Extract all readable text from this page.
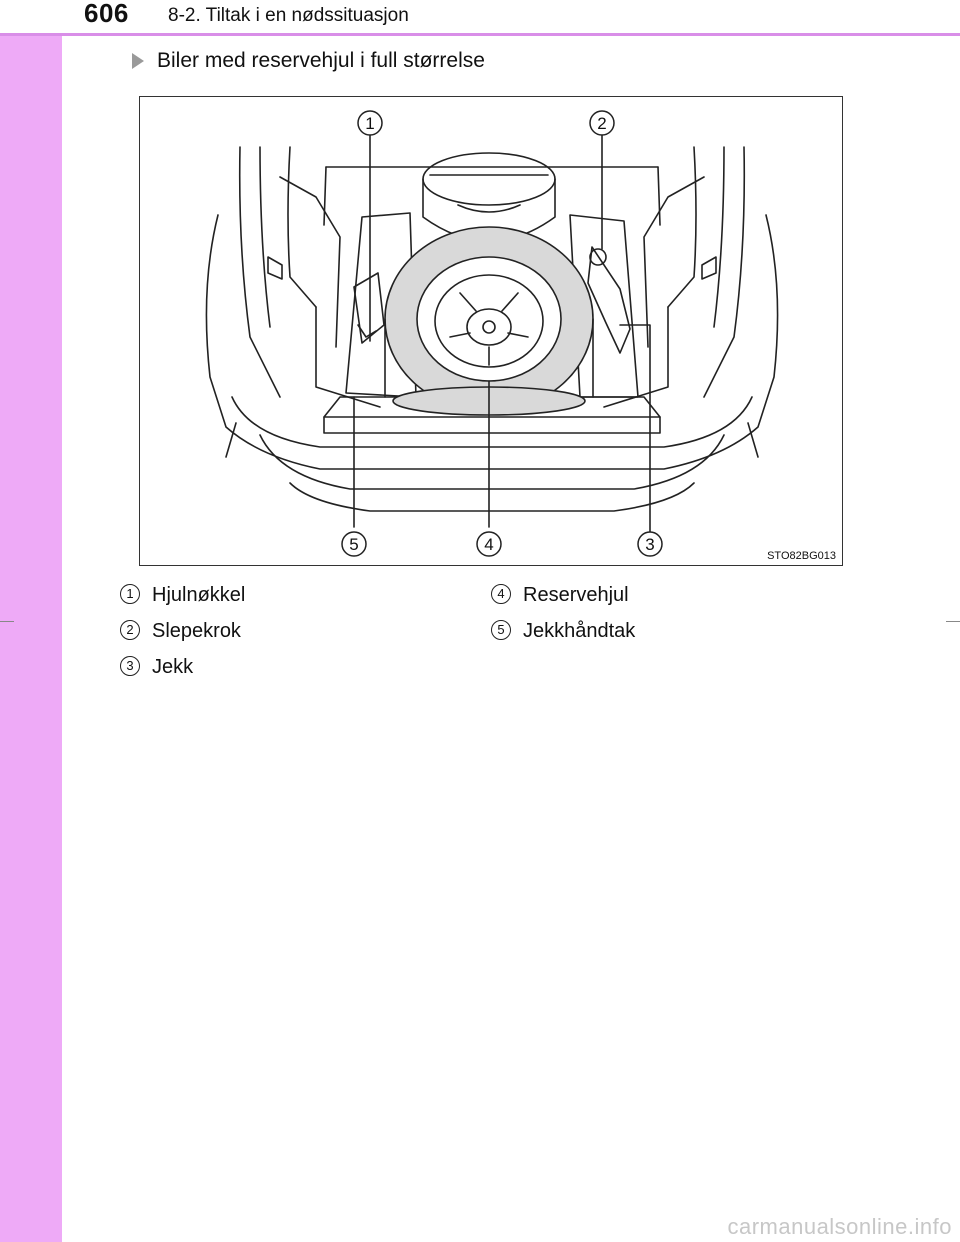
606 8-2. Tiltak i en nødssituasjon
Biler med reservehjul i full størrelse
1	2
3
4
5
STO82BG013
1 Hjulnøkkel
2 Slepekrok
3 Jekk
4 Reservehjul
5 Jekkhåndtak
carmanualsonline.info
